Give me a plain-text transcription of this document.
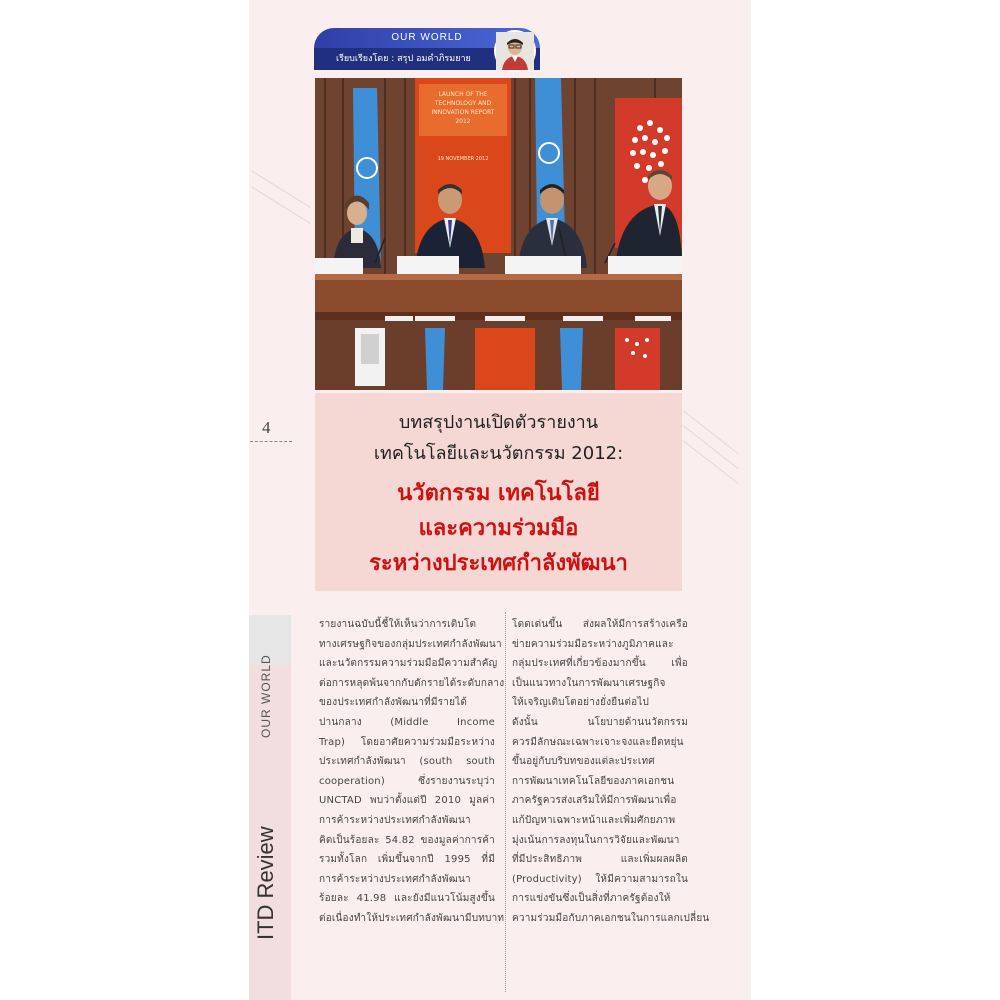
OUR WORLD
เรียบเรียงโดย : สรุป อมคำภิรมยาย
LAUNCH OF THE
TECHNOLOGY AND
INNOVATION REPORT
2012
19 NOVEMBER 2012
บทสรุปงานเปิดตัวรายงาน
เทคโนโลยีและนวัตกรรม 2012:
นวัตกรรม เทคโนโลยี
และความร่วมมือ
ระหว่างประเทศกำลังพัฒนา
4
OUR WORLD
ITD Review

รายงานฉบับนี้ชี้ให้เห็นว่าการเติบโต

ทางเศรษฐกิจของกลุ่มประเทศกำลังพัฒนา

และนวัตกรรมความร่วมมือมีความสำคัญ

ต่อการหลุดพ้นจากกับดักรายได้ระดับกลาง

ของประเทศกำลังพัฒนาที่มีรายได้

ปานกลาง (Middle Income

Trap) โดยอาศัยความร่วมมือระหว่าง

ประเทศกำลังพัฒนา (south south

cooperation) ซึ่งรายงานระบุว่า

UNCTAD พบว่าตั้งแต่ปี 2010 มูลค่า

การค้าระหว่างประเทศกำลังพัฒนา

คิดเป็นร้อยละ 54.82 ของมูลค่าการค้า

รวมทั้งโลก เพิ่มขึ้นจากปี 1995 ที่มี

การค้าระหว่างประเทศกำลังพัฒนา

ร้อยละ 41.98 และยังมีแนวโน้มสูงขึ้น

ต่อเนื่องทำให้ประเทศกำลังพัฒนามีบทบาท

โดดเด่นขึ้น ส่งผลให้มีการสร้างเครือ

ข่ายความร่วมมือระหว่างภูมิภาคและ

กลุ่มประเทศที่เกี่ยวข้องมากขึ้น เพื่อ

เป็นแนวทางในการพัฒนาเศรษฐกิจ

ให้เจริญเติบโตอย่างยั่งยืนต่อไป

ดังนั้น นโยบายด้านนวัตกรรม

ควรมีลักษณะเฉพาะเจาะจงและยืดหยุ่น

ขึ้นอยู่กับบริบทของแต่ละประเทศ

การพัฒนาเทคโนโลยีของภาคเอกชน

ภาครัฐควรส่งเสริมให้มีการพัฒนาเพื่อ

แก้ปัญหาเฉพาะหน้าและเพิ่มศักยภาพ

มุ่งเน้นการลงทุนในการวิจัยและพัฒนา

ที่มีประสิทธิภาพ และเพิ่มผลผลิต

(Productivity) ให้มีความสามารถใน

การแข่งขันซึ่งเป็นสิ่งที่ภาครัฐต้องให้

ความร่วมมือกับภาคเอกชนในการแลกเปลี่ยน
